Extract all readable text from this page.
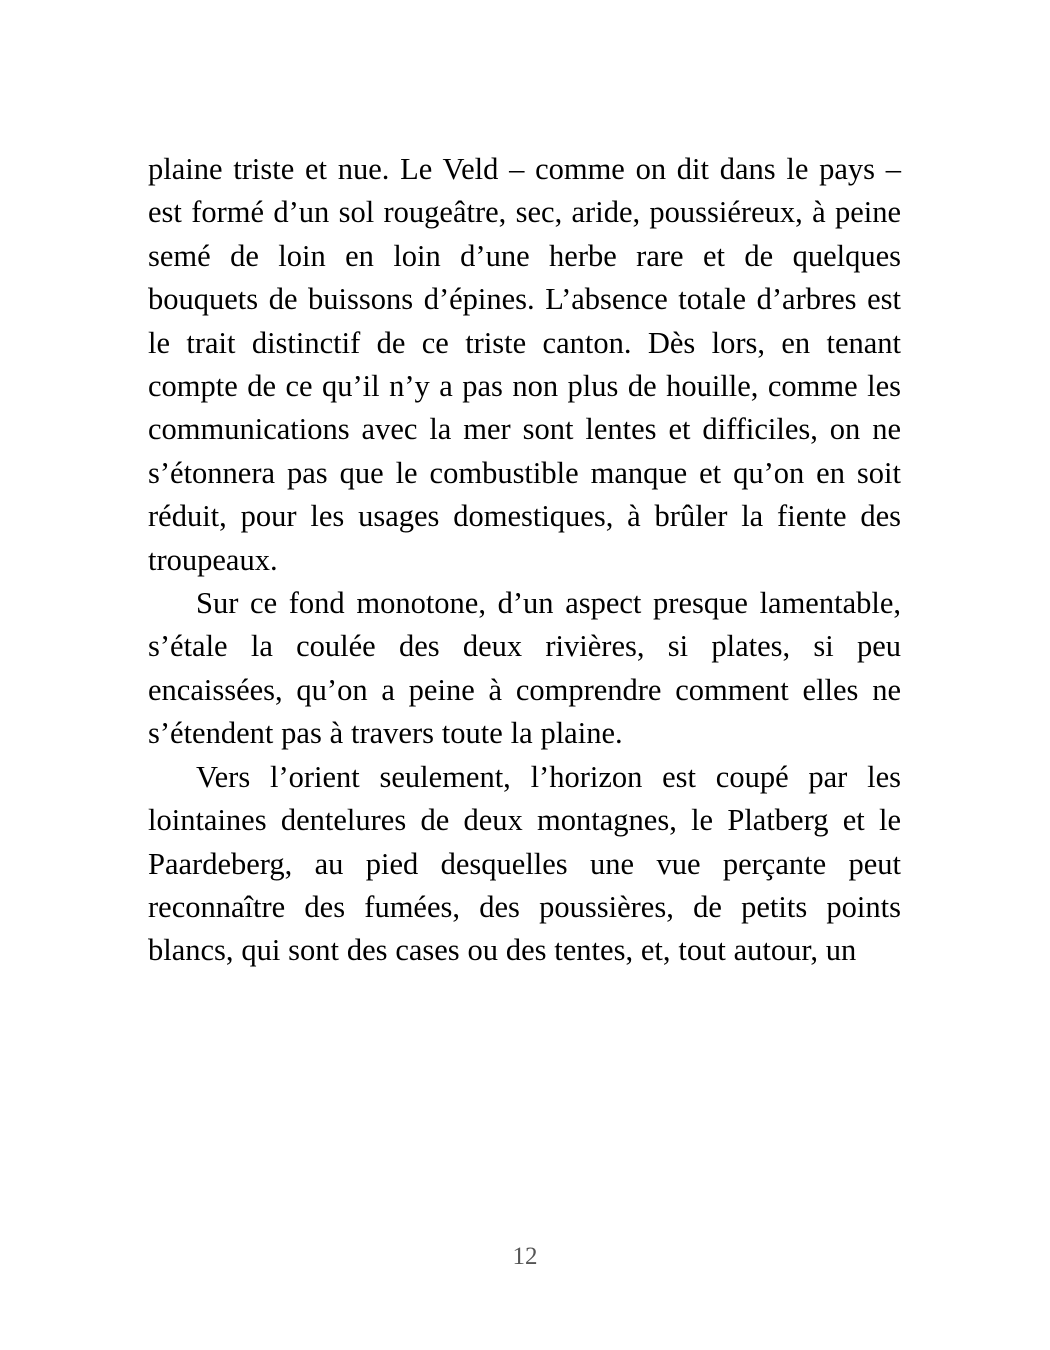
plaine triste et nue. Le Veld – comme on dit dans le pays – est formé d’un sol rougeâtre, sec, aride, poussiéreux, à peine semé de loin en loin d’une herbe rare et de quelques bouquets de buissons d’épines. L’absence totale d’arbres est le trait distinctif de ce triste canton. Dès lors, en tenant compte de ce qu’il n’y a pas non plus de houille, comme les communications avec la mer sont lentes et difficiles, on ne s’étonnera pas que le combustible manque et qu’on en soit réduit, pour les usages domestiques, à brûler la fiente des troupeaux.

Sur ce fond monotone, d’un aspect presque lamentable, s’étale la coulée des deux rivières, si plates, si peu encaissées, qu’on a peine à comprendre comment elles ne s’étendent pas à travers toute la plaine.

Vers l’orient seulement, l’horizon est coupé par les lointaines dentelures de deux montagnes, le Platberg et le Paardeberg, au pied desquelles une vue perçante peut reconnaître des fumées, des poussières, de petits points blancs, qui sont des cases ou des tentes, et, tout autour, un

12
